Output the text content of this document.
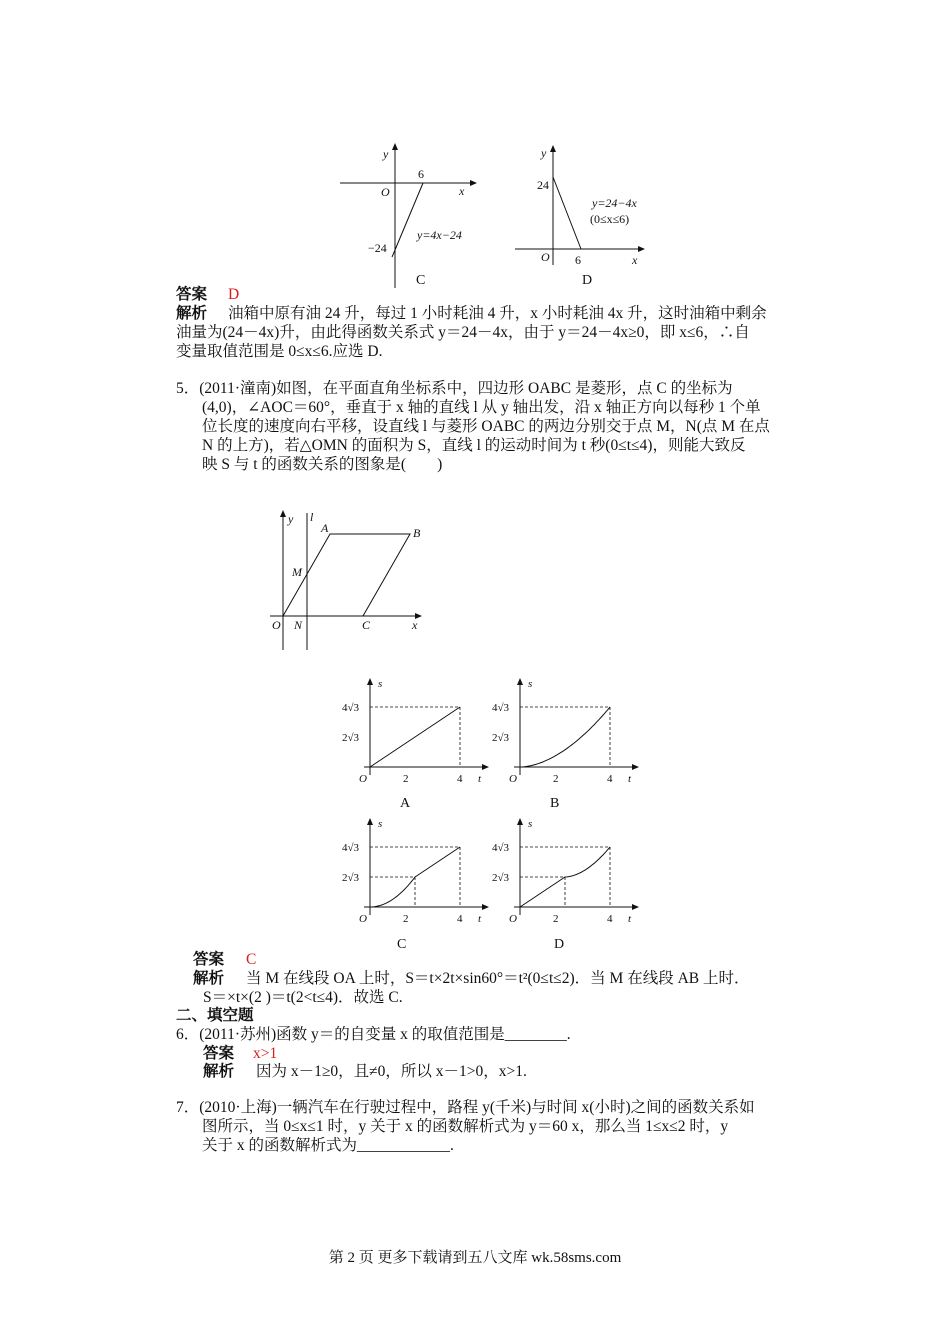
y
O
6
x
−24
y=4x−24
C
y
24
O 6	x
y=24−4x
(0≤x≤6)
D
答案 D
解析 油箱中原有油 24 升，每过 1 小时耗油 4 升，x 小时耗油 4x 升，这时油箱中剩余
油量为(24－4x)升，由此得函数关系式 y＝24－4x，由于 y＝24－4x≥0，即 x≤6，∴自
变量取值范围是 0≤x≤6.应选 D.
5．(2011·潼南)如图，在平面直角坐标系中，四边形 OABC 是菱形，点 C 的坐标为
(4,0)，∠AOC＝60°，垂直于 x 轴的直线 l 从 y 轴出发，沿 x 轴正方向以每秒 1 个单
位长度的速度向右平移，设直线 l 与菱形 OABC 的两边分别交于点 M，N(点 M 在点
N 的上方)，若△OMN 的面积为 S，直线 l 的运动时间为 t 秒(0≤t≤4)，则能大致反
映 S 与 t 的函数关系的图象是(　　)
y l
A	B
M
O N	C	x
s
t
O	2	4
4√3
2√3
s
t
O	2	4
4√3
2√3
s
t
O	2	4
4√3
2√3
s
t
O	2	4
4√3
2√3
A	B
C	D
答案 C
解析 当 M 在线段 OA 上时，S＝t×2t×sin60°＝t²(0≤t≤2)．当 M 在线段 AB 上时．
S＝×t×(2 )＝t(2<t≤4)．故选 C.
二、填空题
6．(2011·苏州)函数 y＝的自变量 x 的取值范围是________.
答案 x>1
解析 因为 x－1≥0，且≠0，所以 x－1>0，x>1.
7．(2010·上海)一辆汽车在行驶过程中，路程 y(千米)与时间 x(小时)之间的函数关系如
图所示，当 0≤x≤1 时，y 关于 x 的函数解析式为 y＝60 x，那么当 1≤x≤2 时，y
关于 x 的函数解析式为____________.
第 2 页 更多下载请到五八文库 wk.58sms.com
